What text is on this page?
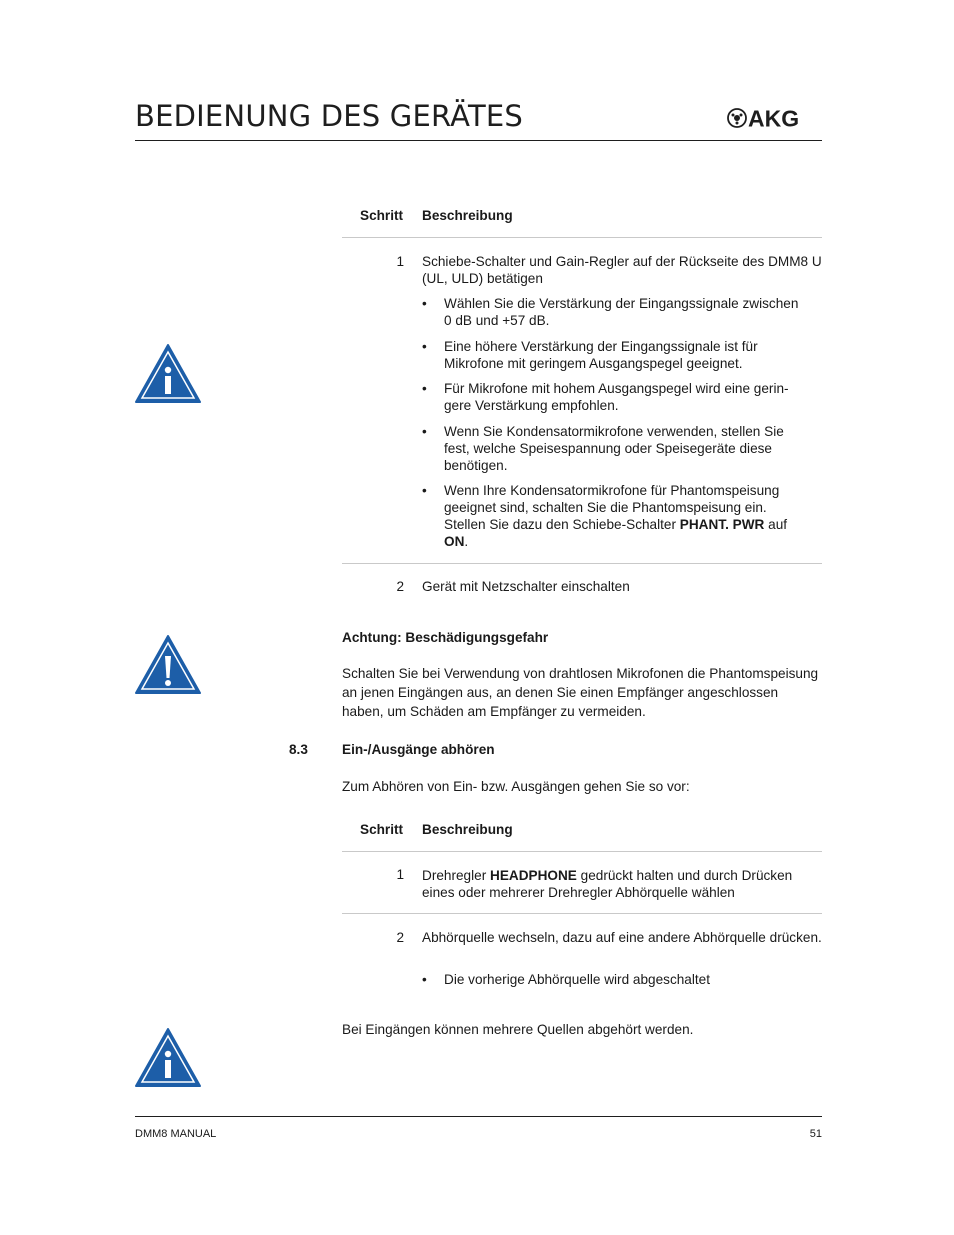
BEDIENUNG DES GERÄTES	AKG
Schritt Beschreibung
1 Schiebe-Schalter und Gain-Regler auf der Rückseite des DMM8 U (UL, ULD) betätigen
• Wählen Sie die Verstärkung der Eingangssignale zwischen 0 dB und +57 dB.
• Eine höhere Verstärkung der Eingangssignale ist für Mikrofone mit geringem Ausgangspegel geeignet.
• Für Mikrofone mit hohem Ausgangspegel wird eine gerin-gere Verstärkung empfohlen.
• Wenn Sie Kondensatormikrofone verwenden, stellen Sie fest, welche Speisespannung oder Speisegeräte diese benötigen.
• Wenn Ihre Kondensatormikrofone für Phantomspeisung geeignet sind, schalten Sie die Phantomspeisung ein. Stellen Sie dazu den Schiebe-Schalter PHANT. PWR auf ON.
2 Gerät mit Netzschalter einschalten
Achtung: Beschädigungsgefahr
Schalten Sie bei Verwendung von drahtlosen Mikrofonen die Phantomspeisung an jenen Eingängen aus, an denen Sie einen Empfänger angeschlossen haben, um Schäden am Empfänger zu vermeiden.
8.3	Ein-/Ausgänge abhören
Zum Abhören von Ein- bzw. Ausgängen gehen Sie so vor:
Schritt Beschreibung
1 Drehregler HEADPHONE gedrückt halten und durch Drücken eines oder mehrerer Drehregler Abhörquelle wählen
2 Abhörquelle wechseln, dazu auf eine andere Abhörquelle drücken.
• Die vorherige Abhörquelle wird abgeschaltet
Bei Eingängen können mehrere Quellen abgehört werden.
DMM8 MANUAL	51
